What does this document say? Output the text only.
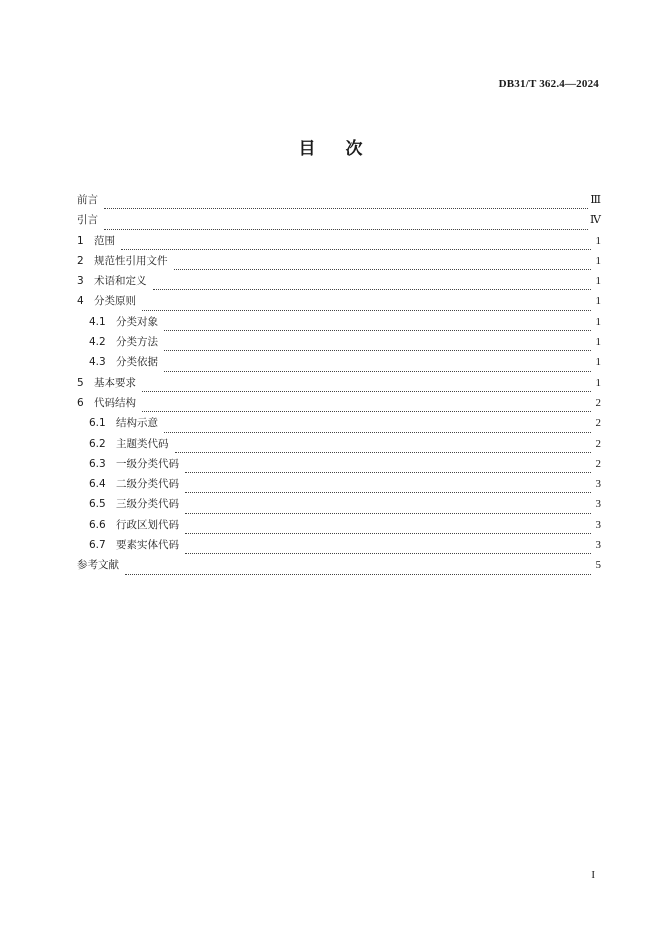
DB31/T 362.4—2024
目 次
前言	Ⅲ
引言	Ⅳ
1 范围	1
2 规范性引用文件	1
3 术语和定义	1
4 分类原则	1
4.1 分类对象	1
4.2 分类方法	1
4.3 分类依据	1
5 基本要求	1
6 代码结构	2
6.1 结构示意	2
6.2 主题类代码	2
6.3 一级分类代码	2
6.4 二级分类代码	3
6.5 三级分类代码	3
6.6 行政区划代码	3
6.7 要素实体代码	3
参考文献	5
I
